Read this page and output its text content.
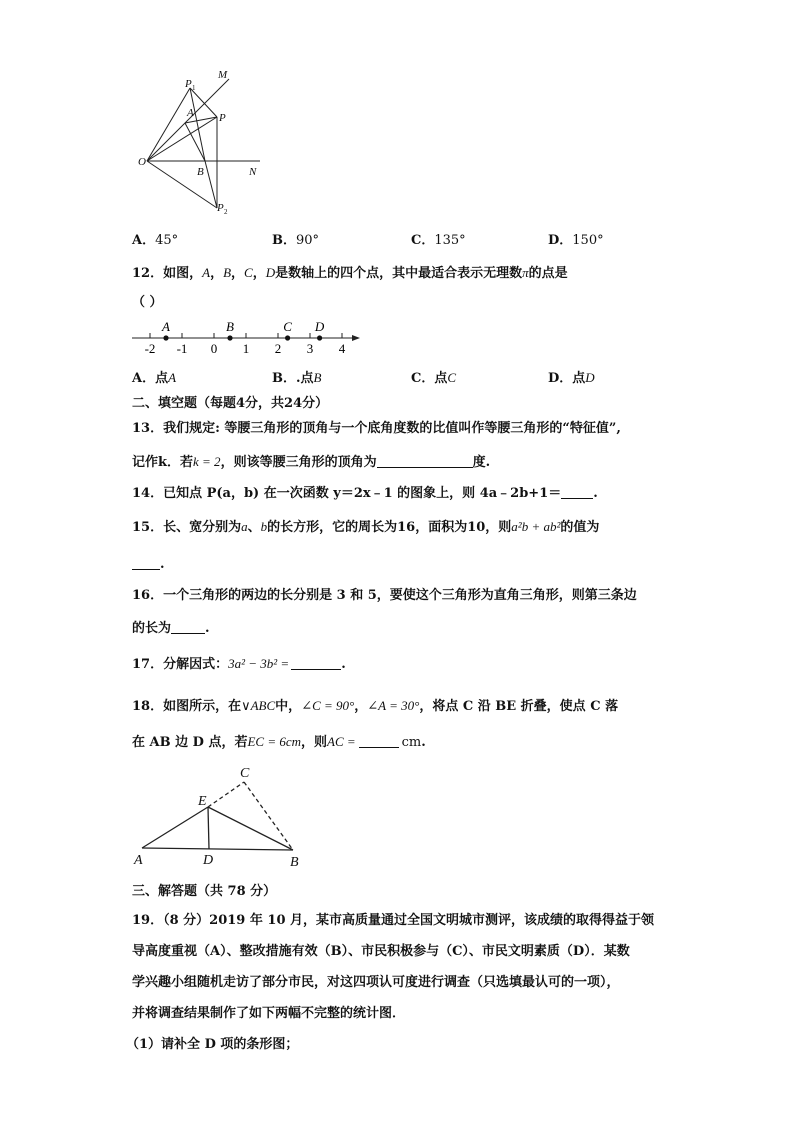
M
P 1
A P
O
B	N
P 2
A．45°	B．90°	C．135°	D．150°
12．如图，A，B，C，D是数轴上的四个点，其中最适合表示无理数π的点是
（ ）
-2 -1 0 1 2 3 4
A	B	C D
A．点A	B．.点B	C．点C	D．点D
二、填空题（每题4分，共24分）
13．我们规定: 等腰三角形的顶角与一个底角度数的比值叫作等腰三角形的“特征值”,
记作k．若k = 2，则该等腰三角形的顶角为	度.
14．已知点 P(a，b) 在一次函数 y＝2x﹣1 的图象上，则 4a﹣2b+1＝ .
15．长、宽分别为a、b的长方形，它的周长为16，面积为10，则a²b + ab²的值为
.
16．一个三角形的两边的长分别是 3 和 5，要使这个三角形为直角三角形，则第三条边
的长为	.
17．分解因式：3a² − 3b² =	.
18．如图所示，在∨ABC中，∠C = 90°，∠A = 30°，将点 C 沿 BE 折叠，使点 C 落
在 AB 边 D 点，若EC = 6cm，则AC =	cm.
C
E
A	D	B
三、解答题（共 78 分）
19．（8 分）2019 年 10 月，某市高质量通过全国文明城市测评，该成绩的取得得益于领
导高度重视（A）、整改措施有效（B）、市民积极参与（C）、市民文明素质（D）．某数
学兴趣小组随机走访了部分市民，对这四项认可度进行调查（只选填最认可的一项），
并将调查结果制作了如下两幅不完整的统计图．
（1）请补全 D 项的条形图；
